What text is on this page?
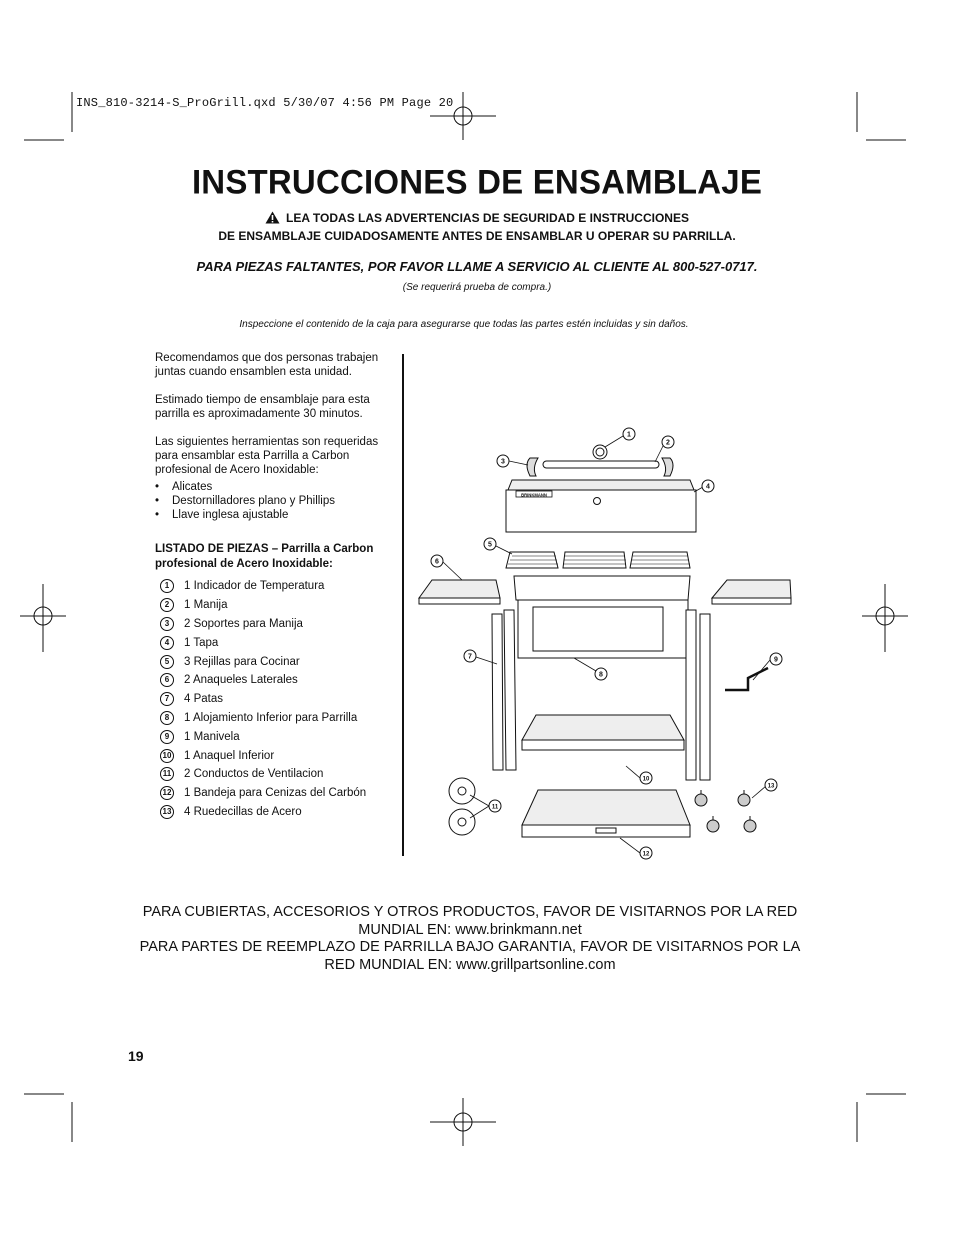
INS_810-3214-S_ProGrill.qxd 5/30/07 4:56 PM Page 20
INSTRUCCIONES DE ENSAMBLAJE
LEA TODAS LAS ADVERTENCIAS DE SEGURIDAD E INSTRUCCIONES
DE ENSAMBLAJE CUIDADOSAMENTE ANTES DE ENSAMBLAR U OPERAR SU PARRILLA.
PARA PIEZAS FALTANTES, POR FAVOR LLAME A SERVICIO AL CLIENTE AL 800-527-0717.
(Se requerirá prueba de compra.)
Inspeccione el contenido de la caja para asegurarse que todas las partes estén incluidas y sin daños.

Recomendamos que dos personas trabajen juntas cuando ensamblen esta unidad.

Estimado tiempo de ensamblaje para esta parrilla es aproximadamente 30 minutos.

Las siguientes herramientas son requeridas para ensamblar esta Parrilla a Carbon profesional de Acero Inoxidable:

• Alicates
• Destornilladores plano y Phillips
• Llave inglesa ajustable
LISTADO DE PIEZAS – Parrilla a Carbon profesional de Acero Inoxidable:
1	1 Indicador de Temperatura
2	1 Manija
3	2 Soportes para Manija
4	1 Tapa
5	3 Rejillas para Cocinar
6	2 Anaqueles Laterales
7	4 Patas
8	1 Alojamiento Inferior para Parrilla
9	1 Manivela
10 1 Anaquel Inferior
11 2 Conductos de Ventilacion
12 1 Bandeja para Cenizas del Carbón
13 4 Ruedecillas de Acero
BRINKMANN
1
2
3
4
5
6
7
8
9
10
11
12
13
PARA CUBIERTAS, ACCESORIOS Y OTROS PRODUCTOS, FAVOR DE VISITARNOS POR LA RED
MUNDIAL EN: www.brinkmann.net
PARA PARTES DE REEMPLAZO DE PARRILLA BAJO GARANTIA, FAVOR DE VISITARNOS POR LA
RED MUNDIAL EN: www.grillpartsonline.com
19
